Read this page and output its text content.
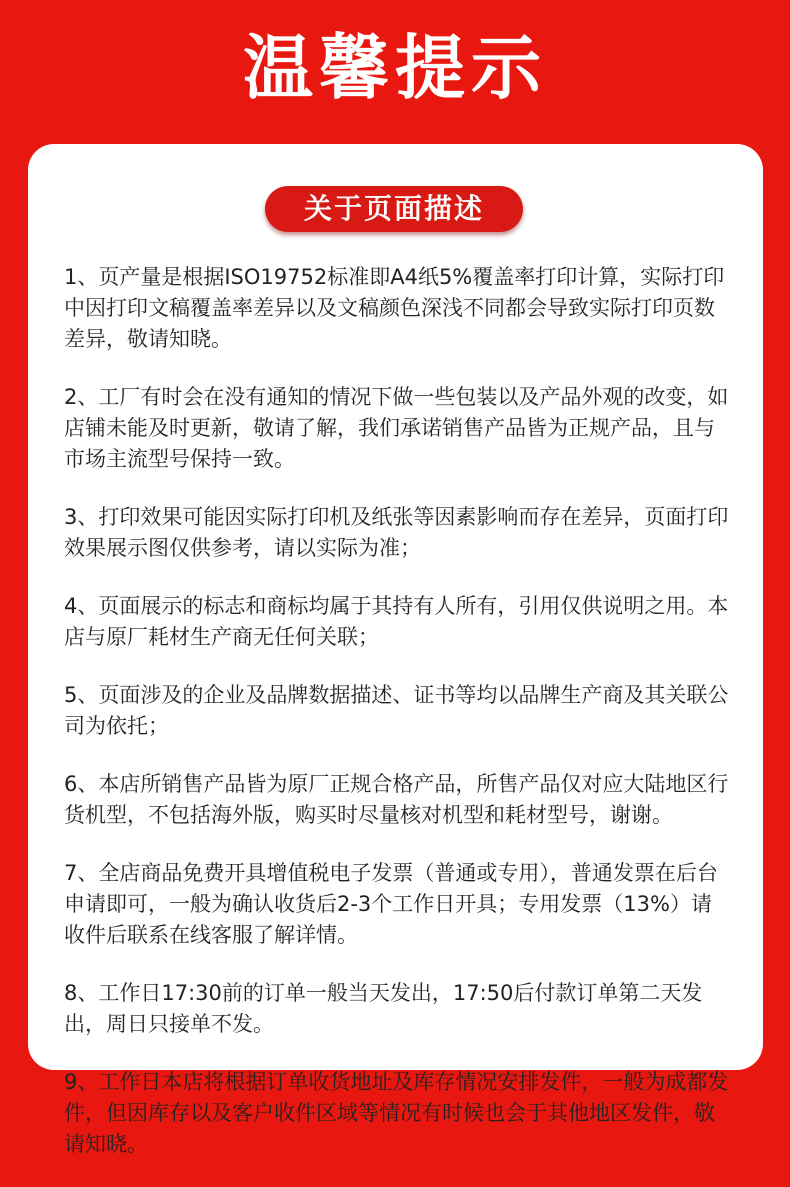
温馨提示
关于页面描述
1、页产量是根据ISO19752标准即A4纸5%覆盖率打印计算，实际打印中因打印文稿覆盖率差异以及文稿颜色深浅不同都会导致实际打印页数差异，敬请知晓。
2、工厂有时会在没有通知的情况下做一些包装以及产品外观的改变，如店铺未能及时更新，敬请了解，我们承诺销售产品皆为正规产品，且与市场主流型号保持一致。
3、打印效果可能因实际打印机及纸张等因素影响而存在差异，页面打印效果展示图仅供参考，请以实际为准；
4、页面展示的标志和商标均属于其持有人所有，引用仅供说明之用。本店与原厂耗材生产商无任何关联；
5、页面涉及的企业及品牌数据描述、证书等均以品牌生产商及其关联公司为依托；
6、本店所销售产品皆为原厂正规合格产品，所售产品仅对应大陆地区行货机型，不包括海外版，购买时尽量核对机型和耗材型号，谢谢。
7、全店商品免费开具增值税电子发票（普通或专用），普通发票在后台申请即可，一般为确认收货后2-3个工作日开具；专用发票（13%）请收件后联系在线客服了解详情。
8、工作日17:30前的订单一般当天发出，17:50后付款订单第二天发出，周日只接单不发。
9、工作日本店将根据订单收货地址及库存情况安排发件，一般为成都发件，但因库存以及客户收件区域等情况有时候也会于其他地区发件，敬请知晓。
